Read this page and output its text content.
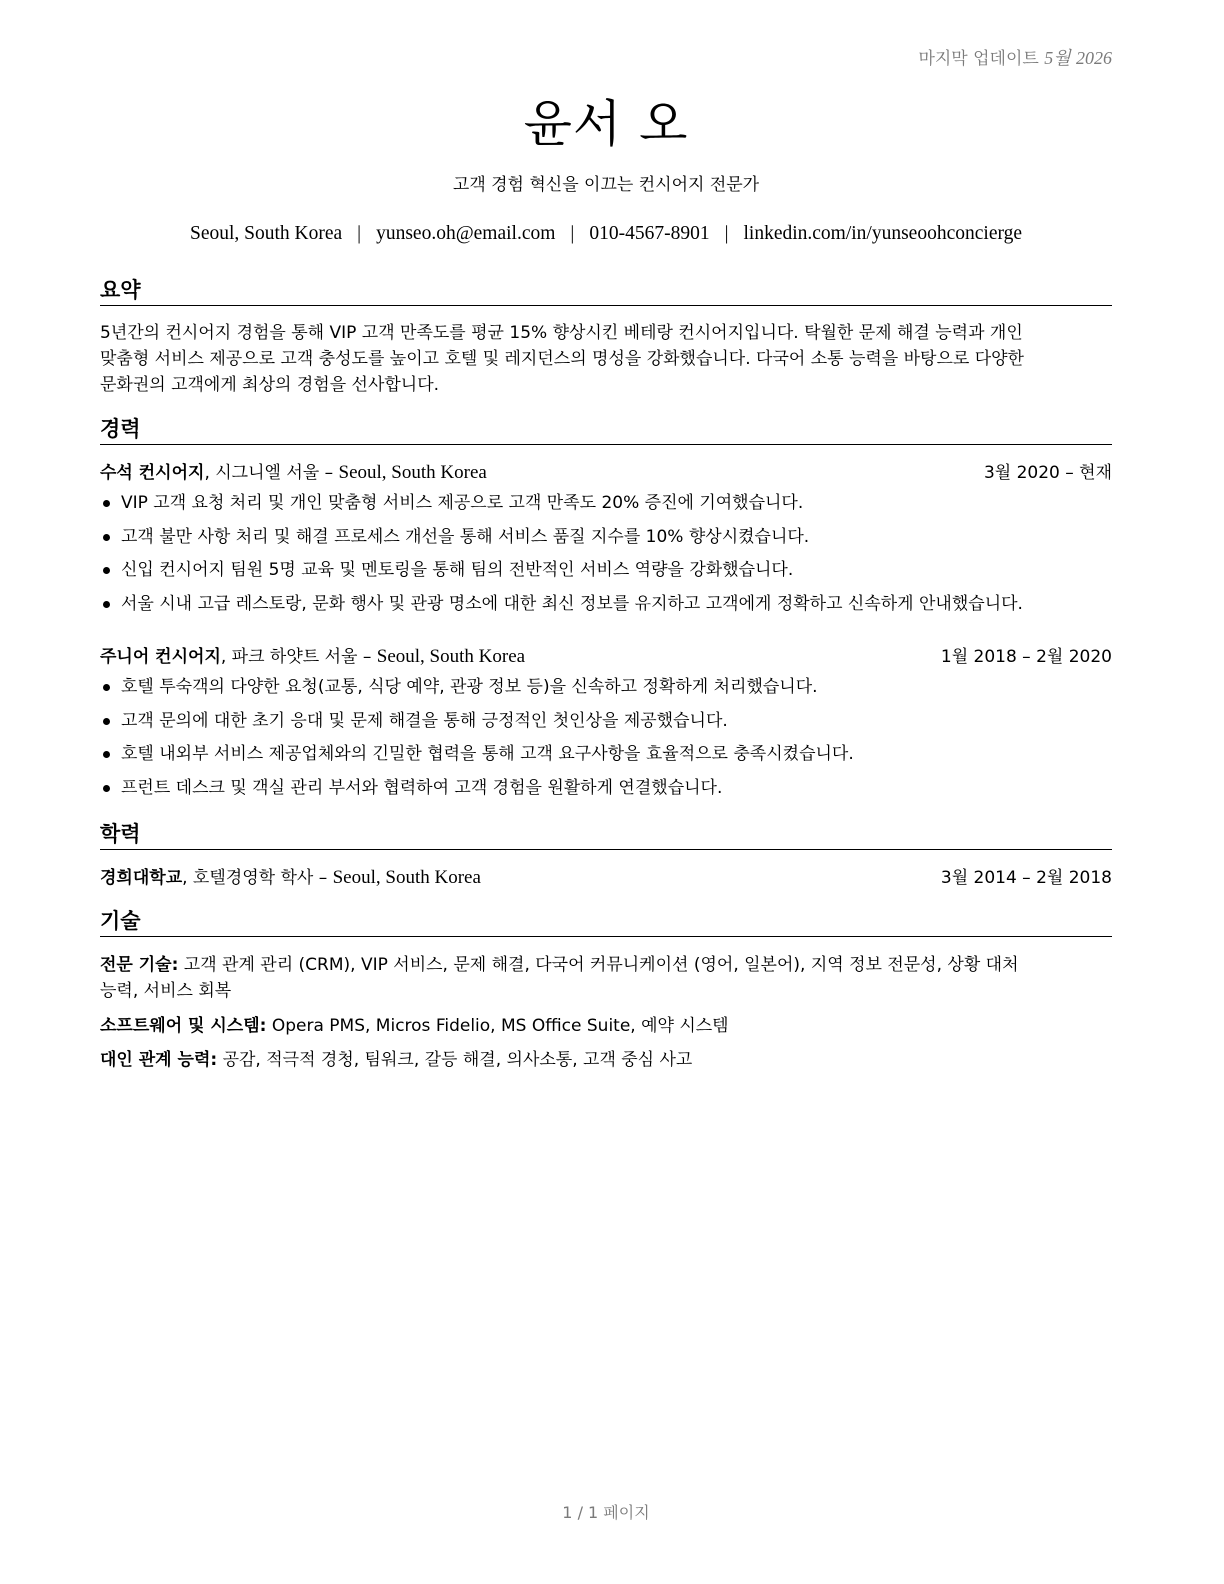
마지막 업데이트 5월 2026
윤서 오
고객 경험 혁신을 이끄는 컨시어지 전문가
Seoul, South Korea | yunseo.oh@email.com | 010-4567-8901 | linkedin.com/in/yunseoohconcierge
요약
5년간의 컨시어지 경험을 통해 VIP 고객 만족도를 평균 15% 향상시킨 베테랑 컨시어지입니다. 탁월한 문제 해결 능력과 개인
맞춤형 서비스 제공으로 고객 충성도를 높이고 호텔 및 레지던스의 명성을 강화했습니다. 다국어 소통 능력을 바탕으로 다양한
문화권의 고객에게 최상의 경험을 선사합니다.
경력
수석 컨시어지, 시그니엘 서울 – Seoul, South Korea	3월 2020 – 현재
VIP 고객 요청 처리 및 개인 맞춤형 서비스 제공으로 고객 만족도 20% 증진에 기여했습니다.
고객 불만 사항 처리 및 해결 프로세스 개선을 통해 서비스 품질 지수를 10% 향상시켰습니다.
신입 컨시어지 팀원 5명 교육 및 멘토링을 통해 팀의 전반적인 서비스 역량을 강화했습니다.
서울 시내 고급 레스토랑, 문화 행사 및 관광 명소에 대한 최신 정보를 유지하고 고객에게 정확하고 신속하게 안내했습니다.
주니어 컨시어지, 파크 하얏트 서울 – Seoul, South Korea	1월 2018 – 2월 2020
호텔 투숙객의 다양한 요청(교통, 식당 예약, 관광 정보 등)을 신속하고 정확하게 처리했습니다.
고객 문의에 대한 초기 응대 및 문제 해결을 통해 긍정적인 첫인상을 제공했습니다.
호텔 내외부 서비스 제공업체와의 긴밀한 협력을 통해 고객 요구사항을 효율적으로 충족시켰습니다.
프런트 데스크 및 객실 관리 부서와 협력하여 고객 경험을 원활하게 연결했습니다.
학력
경희대학교, 호텔경영학 학사 – Seoul, South Korea	3월 2014 – 2월 2018
기술
전문 기술: 고객 관계 관리 (CRM), VIP 서비스, 문제 해결, 다국어 커뮤니케이션 (영어, 일본어), 지역 정보 전문성, 상황 대처
능력, 서비스 회복
소프트웨어 및 시스템: Opera PMS, Micros Fidelio, MS Office Suite, 예약 시스템
대인 관계 능력: 공감, 적극적 경청, 팀워크, 갈등 해결, 의사소통, 고객 중심 사고
1 / 1 페이지
